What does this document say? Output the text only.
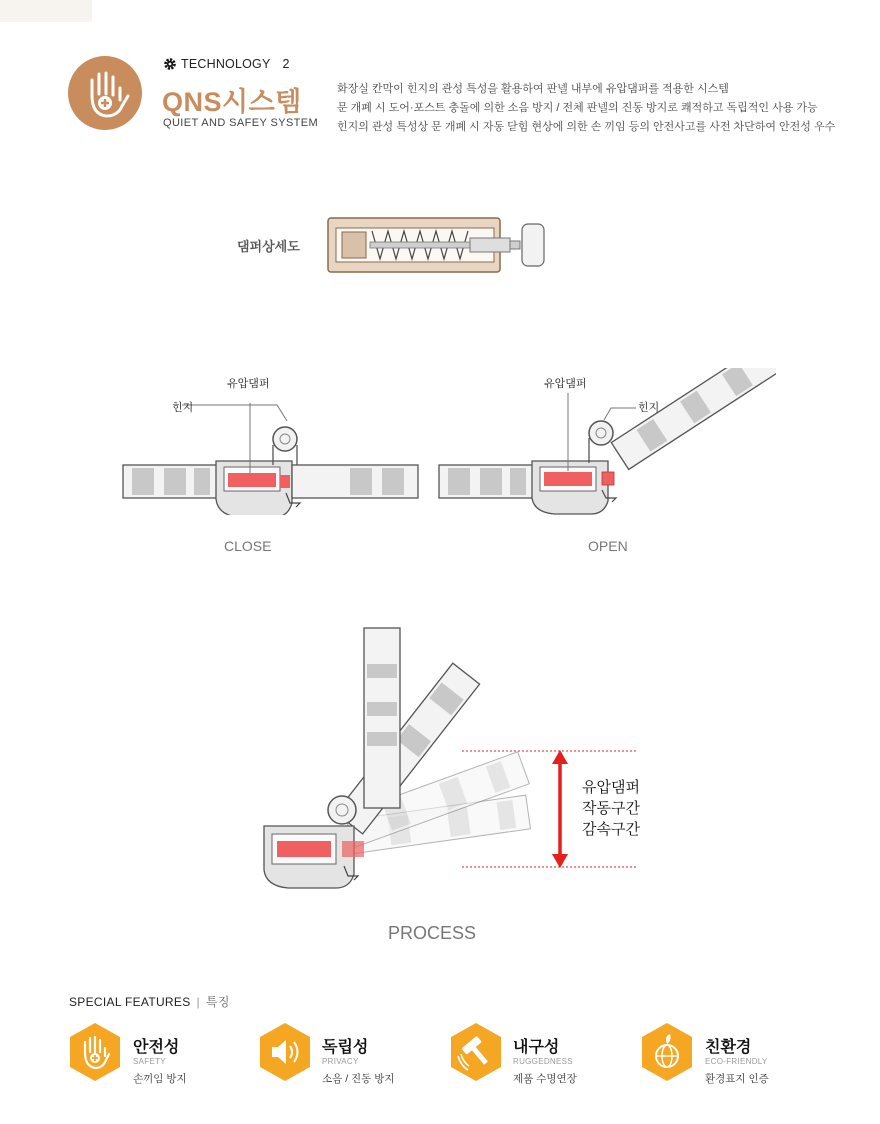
TECHNOLOGY 2
QNS시스템
QUIET AND SAFEY SYSTEM
화장실 칸막이 힌지의 관성 특성을 활용하여 판넬 내부에 유압댐퍼를 적용한 시스템
문 개폐 시 도어·포스트 충돌에 의한 소음 방지 / 전체 판넬의 진동 방지로 쾌적하고 독립적인 사용 가능
힌지의 관성 특성상 문 개폐 시 자동 닫힘 현상에 의한 손 끼임 등의 안전사고를 사전 차단하여 안전성 우수
댐퍼상세도
유압댐퍼
힌지
CLOSE
유압댐퍼
힌지
OPEN
유압댐퍼
작동구간
감속구간
PROCESS
SPECIAL FEATURES | 특징
안전성
SAFETY
손끼임 방지
독립성
PRIVACY
소음 / 진동 방지
내구성
RUGGEDNESS
제품 수명연장
친환경
ECO-FRIENDLY
환경표지 인증
